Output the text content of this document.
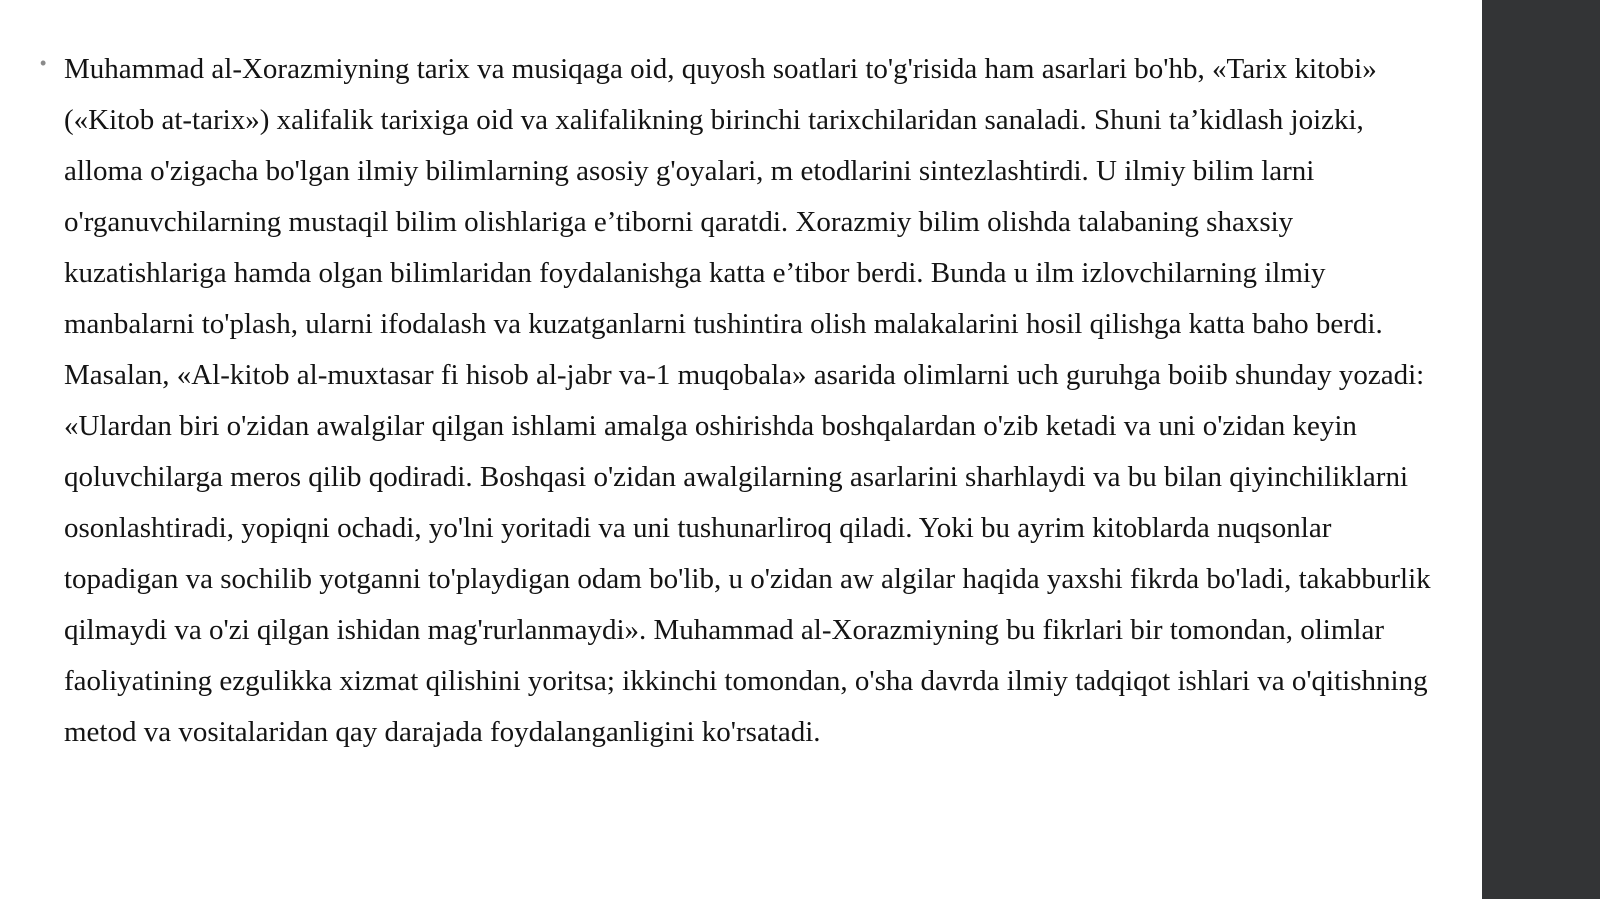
• Muhammad al-Xorazmiyning tarix va musiqaga oid, quyosh soatlari to'g'risida ham asarlari bo'hb, «Tarix kitobi» («Kitob at-tarix») xalifalik tarixiga oid va xalifalikning birinchi tarixchilaridan sanaladi. Shuni ta’kidlash joizki, alloma o'zigacha bo'lgan ilmiy bilimlarning asosiy g'oyalari, m etodlarini sintezlashtirdi. U ilmiy bilim larni o'rganuvchilarning mustaqil bilim olishlariga e’tiborni qaratdi. Xorazmiy bilim olishda talabaning shaxsiy kuzatishlariga hamda olgan bilimlaridan foydalanishga katta e’tibor berdi. Bunda u ilm izlovchilarning ilmiy manbalarni to'plash, ularni ifodalash va kuzatganlarni tushintira olish malakalarini hosil qilishga katta baho berdi. Masalan, «Al-kitob al-muxtasar fi hisob al-jabr va-1 muqobala» asarida olimlarni uch guruhga boiib shunday yozadi: «Ulardan biri o'zidan awalgilar qilgan ishlami amalga oshirishda boshqalardan o'zib ketadi va uni o'zidan keyin qoluvchilarga meros qilib qodiradi. Boshqasi o'zidan awalgilarning asarlarini sharhlaydi va bu bilan qiyinchiliklarni osonlashtiradi, yopiqni ochadi, yo'lni yoritadi va uni tushunarliroq qiladi. Yoki bu ayrim kitoblarda nuqsonlar topadigan va sochilib yotganni to'playdigan odam bo'lib, u o'zidan aw algilar haqida yaxshi fikrda bo'ladi, takabburlik qilmaydi va o'zi qilgan ishidan mag'rurlanmaydi». Muhammad al-Xorazmiyning bu fikrlari bir tomondan, olimlar faoliyatining ezgulikka xizmat qilishini yoritsa; ikkinchi tomondan, o'sha davrda ilmiy tadqiqot ishlari va o'qitishning metod va vositalaridan qay darajada foydalanganligini ko'rsatadi.
